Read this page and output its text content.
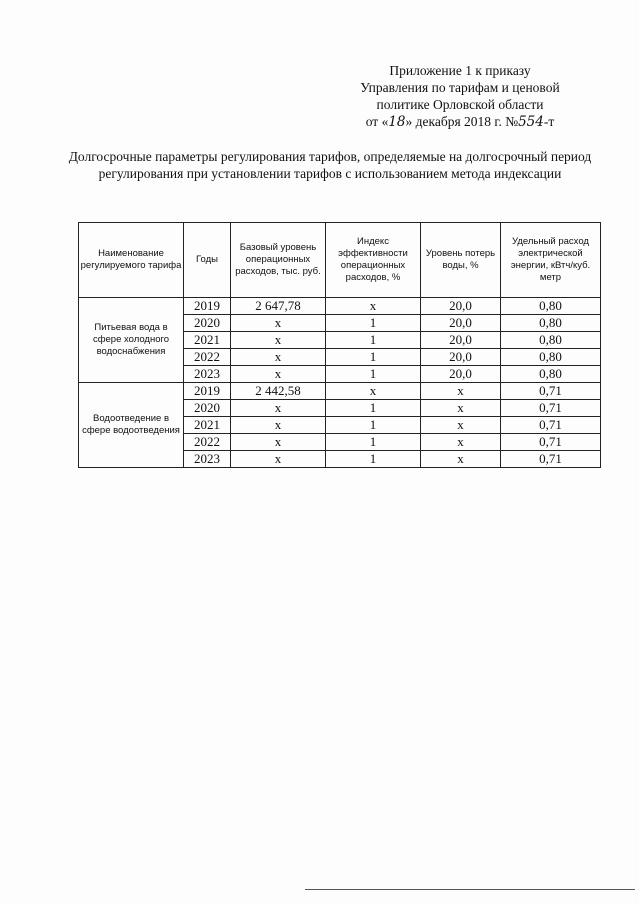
Приложение 1 к приказу
Управления по тарифам и ценовой
политике Орловской области
от «18» декабря 2018 г. №554-т
Долгосрочные параметры регулирования тарифов, определяемые на долгосрочный период регулирования при установлении тарифов с использованием метода индексации
Наименование регулируемого тарифа	Годы	Базовый уровень операционных расходов, тыс. руб.	Индекс эффективности операционных расходов, %	Уровень потерь воды, %	Удельный расход электрической энергии, кВтч/куб. метр
Питьевая вода в сфере холодного водоснабжения	2019	2 647,78	х	20,0	0,80
	2020	х	1	20,0	0,80
	2021	х	1	20,0	0,80
	2022	х	1	20,0	0,80
	2023	х	1	20,0	0,80
Водоотведение в сфере водоотведения	2019	2 442,58	х	х	0,71
	2020	х	1	х	0,71
	2021	х	1	х	0,71
	2022	х	1	х	0,71
	2023	х	1	х	0,71
